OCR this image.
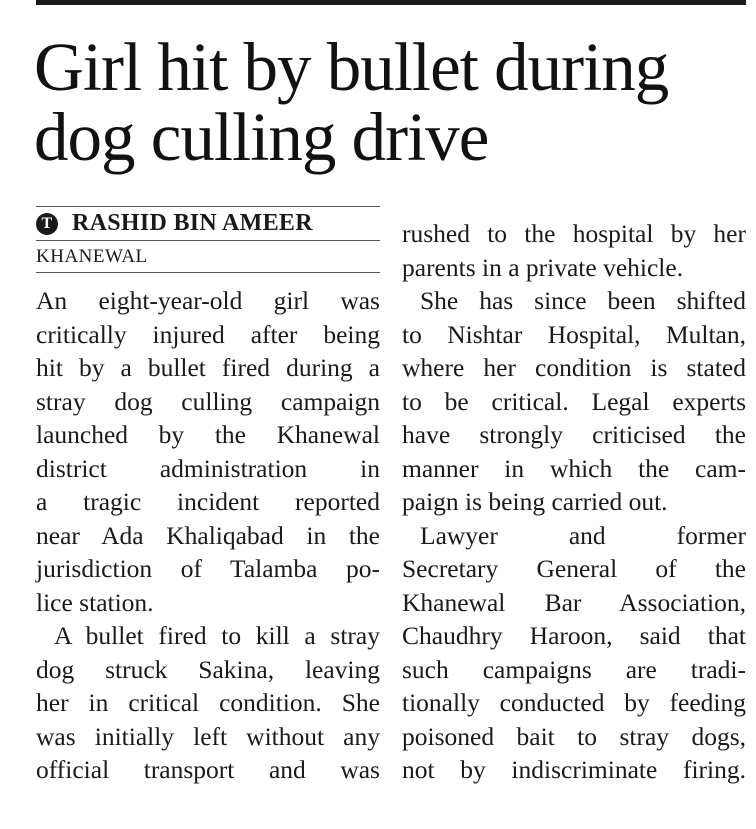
Girl hit by bullet during
dog culling drive
T RASHID BIN AMEER
KHANEWAL
An eight-year-old girl was
critically injured after being
hit by a bullet fired during a
stray dog culling campaign
launched by the Khanewal
district administration in
a tragic incident reported
near Ada Khaliqabad in the
jurisdiction of Talamba po-
lice station.
A bullet fired to kill a stray
dog struck Sakina, leaving
her in critical condition. She
was initially left without any
official transport and was
rushed to the hospital by her
parents in a private vehicle.
She has since been shifted
to Nishtar Hospital, Multan,
where her condition is stated
to be critical. Legal experts
have strongly criticised the
manner in which the cam-
paign is being carried out.
Lawyer and former
Secretary General of the
Khanewal Bar Association,
Chaudhry Haroon, said that
such campaigns are tradi-
tionally conducted by feeding
poisoned bait to stray dogs,
not by indiscriminate firing.
